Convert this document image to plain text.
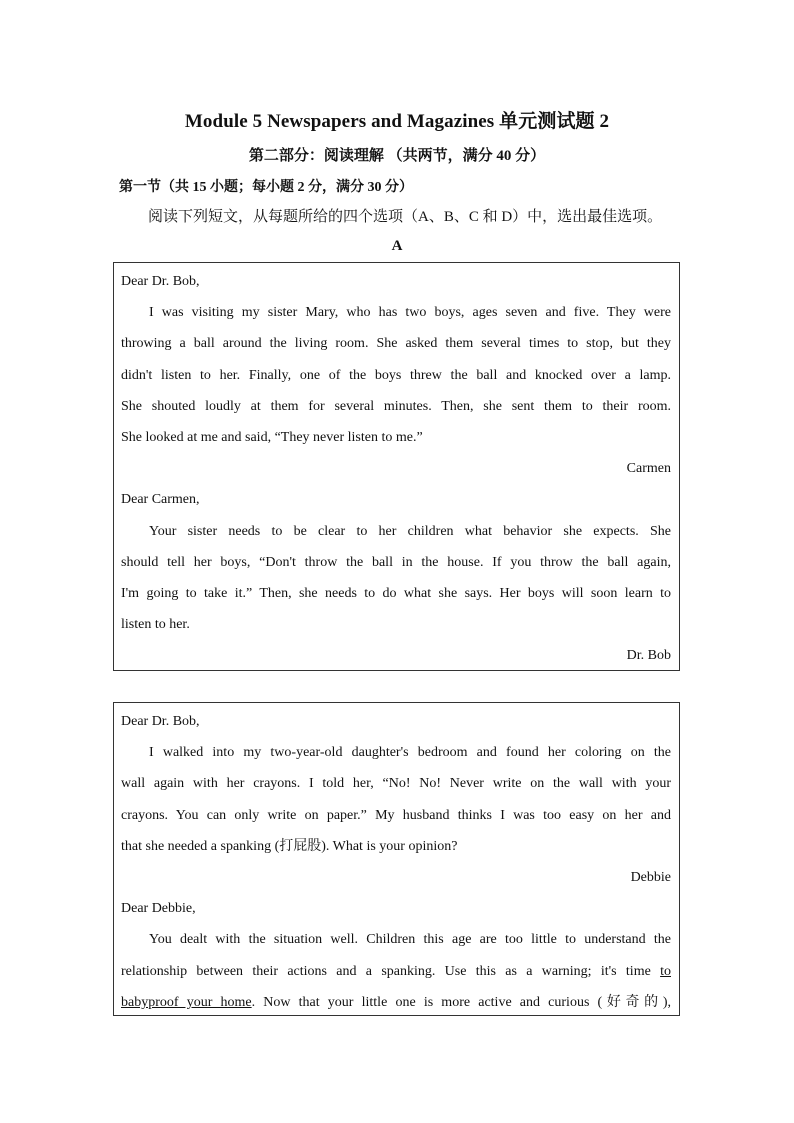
Module 5 Newspapers and Magazines 单元测试题 2
第二部分：阅读理解 （共两节，满分 40 分）
第一节（共 15 小题；每小题 2 分，满分 30 分）
阅读下列短文，从每题所给的四个选项（A、B、C 和 D）中，选出最佳选项。
A
Dear Dr. Bob,
I was visiting my sister Mary, who has two boys, ages seven and five. They were
throwing a ball around the living room. She asked them several times to stop, but they
didn't listen to her. Finally, one of the boys threw the ball and knocked over a lamp.
She shouted loudly at them for several minutes. Then, she sent them to their room.
She looked at me and said, “They never listen to me.”
Carmen
Dear Carmen,
Your sister needs to be clear to her children what behavior she expects. She
should tell her boys, “Don't throw the ball in the house. If you throw the ball again,
I'm going to take it.” Then, she needs to do what she says. Her boys will soon learn to
listen to her.
Dr. Bob
Dear Dr. Bob,
I walked into my two-year-old daughter's bedroom and found her coloring on the
wall again with her crayons. I told her, “No! No! Never write on the wall with your
crayons. You can only write on paper.” My husband thinks I was too easy on her and
that she needed a spanking (打屁股). What is your opinion?
Debbie
Dear Debbie,
You dealt with the situation well. Children this age are too little to understand the
relationship between their actions and a spanking. Use this as a warning; it's time to
babyproof your home. Now that your little one is more active and curious (好奇的),
